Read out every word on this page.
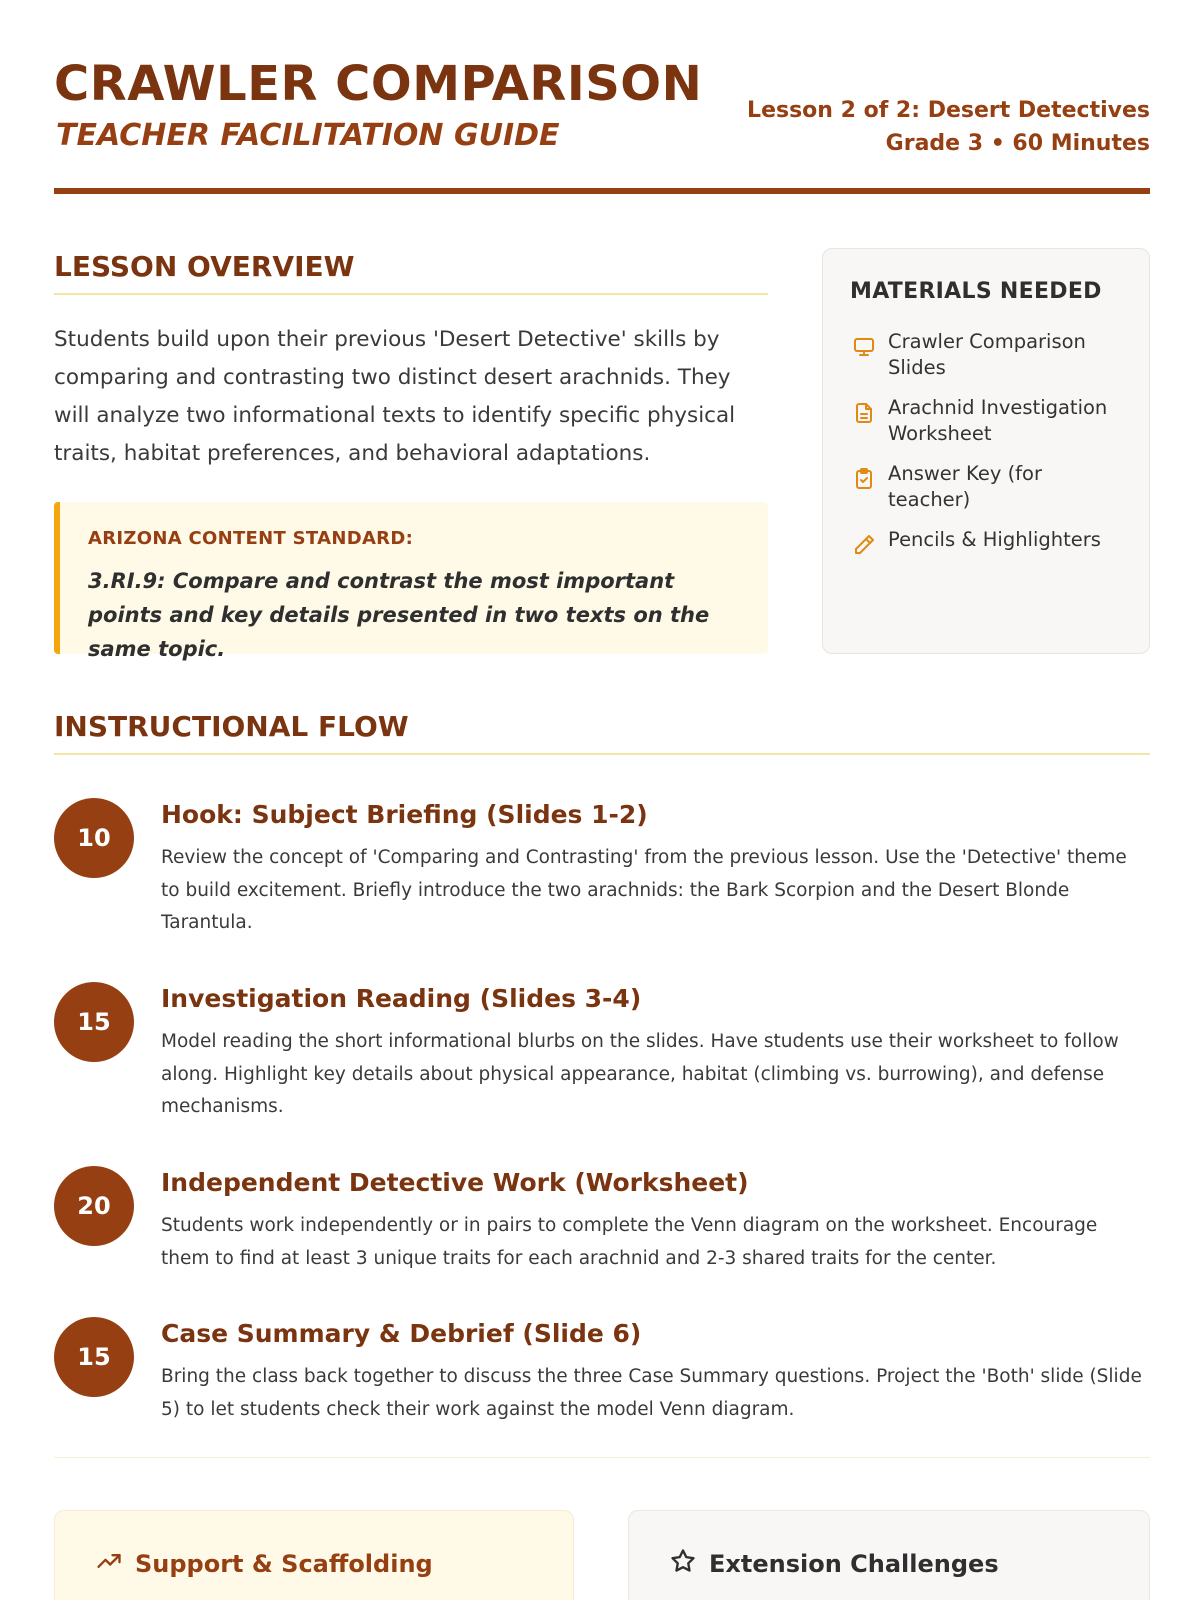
CRAWLER COMPARISON
TEACHER FACILITATION GUIDE
Lesson 2 of 2: Desert Detectives
Grade 3 • 60 Minutes
LESSON OVERVIEW

Students build upon their previous 'Desert Detective' skills by comparing and contrasting two distinct desert arachnids. They will analyze two informational texts to identify specific physical traits, habitat preferences, and behavioral adaptations.

ARIZONA CONTENT STANDARD:
3.RI.9: Compare and contrast the most important points and key details presented in two texts on the same topic.
MATERIALS NEEDED
Crawler Comparison Slides
Arachnid Investigation Worksheet
Answer Key (for teacher)
Pencils & Highlighters
INSTRUCTIONAL FLOW
10
Hook: Subject Briefing (Slides 1-2)

Review the concept of 'Comparing and Contrasting' from the previous lesson. Use the 'Detective' theme to build excitement. Briefly introduce the two arachnids: the Bark Scorpion and the Desert Blonde Tarantula.

15
Investigation Reading (Slides 3-4)

Model reading the short informational blurbs on the slides. Have students use their worksheet to follow along. Highlight key details about physical appearance, habitat (climbing vs. burrowing), and defense mechanisms.

20
Independent Detective Work (Worksheet)

Students work independently or in pairs to complete the Venn diagram on the worksheet. Encourage them to find at least 3 unique traits for each arachnid and 2-3 shared traits for the center.

15
Case Summary & Debrief (Slide 6)

Bring the class back together to discuss the three Case Summary questions. Project the 'Both' slide (Slide 5) to let students check their work against the model Venn diagram.

Support & Scaffolding	Extension Challenges
